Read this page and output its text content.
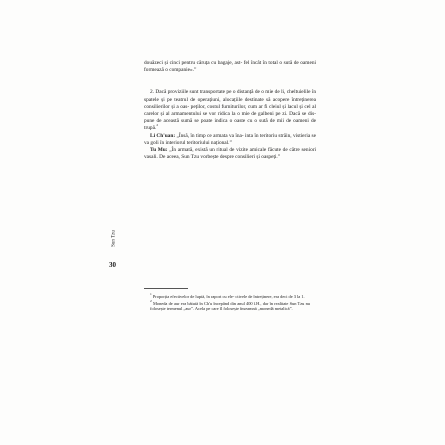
douăzeci și cinci pentru căruța cu bagaje, ast- fel încât în total o sută de oameni formează o companie».”

2. Dacă proviziile sunt transportate pe o distanță de o mie de li, cheltuielile în spatele și pe teatrul de operațiuni, alocațiile destinate să acopere întreținerea consilierilor și a oas- peților, costul furniturilor, cum ar fi cleiul și lacul și cel al carelor și al armamentului se vor ridica la o mie de galbeni pe zi. Dacă se dis- pune de această sumă se poate indica o oaste cu o sută de mii de oameni de trupă.$^2$

Li Ch'uan: „Însă, în timp ce armata va îna- inta în teritoriu străin, vistieria se va goli în interiorul teritoriului național.”

Tu Mu: „În armată, există un ritual de vizite amicale făcute de către seniori vasali. De aceea, Sun Tzu vorbește despre consilieri și oaspeți.”

Sun Tzu
30

$^1$ Proporția efectivelor de luptă, în raport cu ele- ctivele de întreținere, era deci de 3 la 1.

$^2$ Moneda de aur era bătută în Ch'u începând din anul 400 î.H., dar în realitate Sun Tzu nu folosește termenul „aur”. Acela pe care îl folosește înseamnă „monedă metalică”.
